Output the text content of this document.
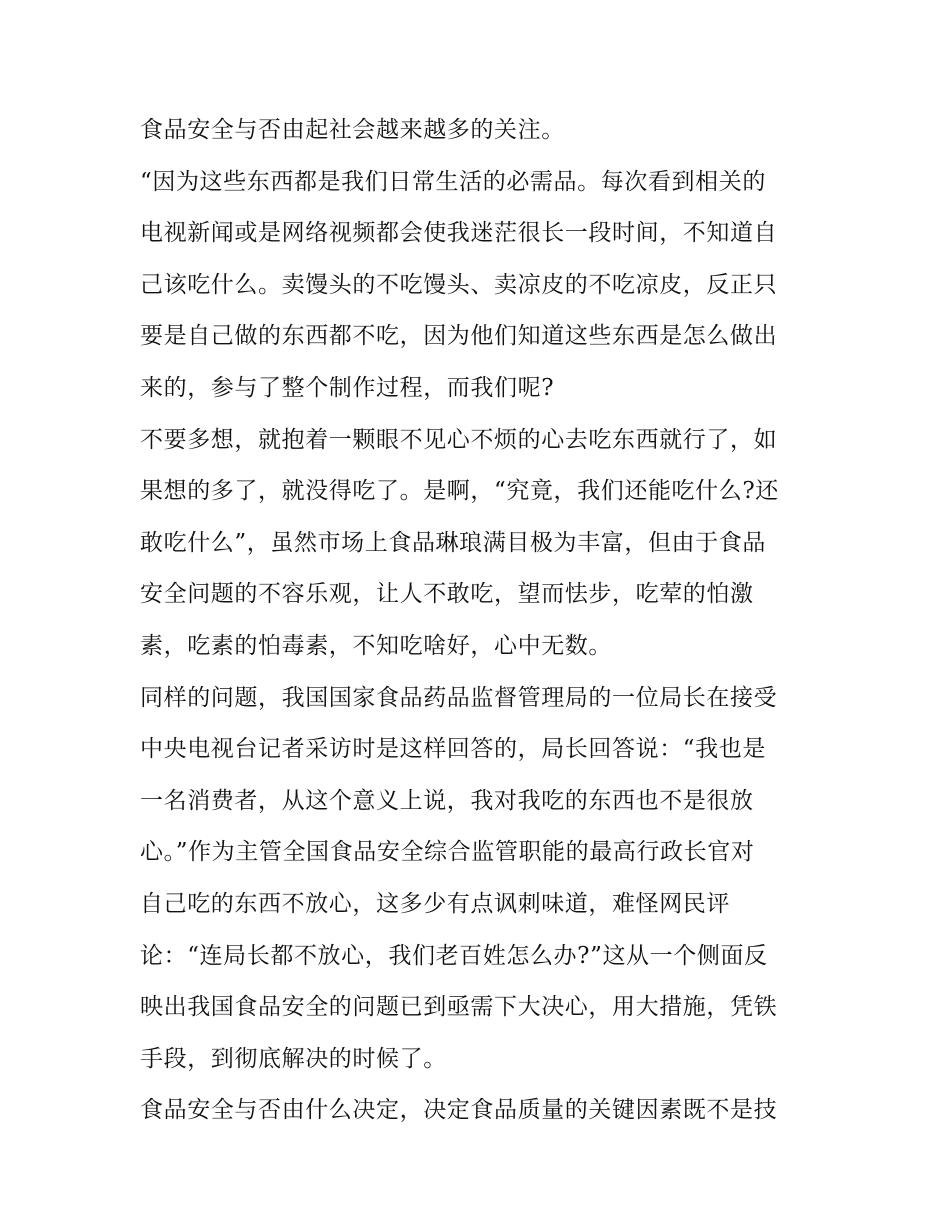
食品安全与否由起社会越来越多的关注。
“因为这些东西都是我们日常生活的必需品。每次看到相关的
电视新闻或是网络视频都会使我迷茫很长一段时间，不知道自
己该吃什么。卖馒头的不吃馒头、卖凉皮的不吃凉皮，反正只
要是自己做的东西都不吃，因为他们知道这些东西是怎么做出
来的，参与了整个制作过程，而我们呢?
不要多想，就抱着一颗眼不见心不烦的心去吃东西就行了，如
果想的多了，就没得吃了。是啊，“究竟，我们还能吃什么?还
敢吃什么”，虽然市场上食品琳琅满目极为丰富，但由于食品
安全问题的不容乐观，让人不敢吃，望而怯步，吃荤的怕激
素，吃素的怕毒素，不知吃啥好，心中无数。
同样的问题，我国国家食品药品监督管理局的一位局长在接受
中央电视台记者采访时是这样回答的，局长回答说：“我也是
一名消费者，从这个意义上说，我对我吃的东西也不是很放
心。”作为主管全国食品安全综合监管职能的最高行政长官对
自己吃的东西不放心，这多少有点讽刺味道，难怪网民评
论：“连局长都不放心，我们老百姓怎么办?”这从一个侧面反
映出我国食品安全的问题已到亟需下大决心，用大措施，凭铁
手段，到彻底解决的时候了。
食品安全与否由什么决定，决定食品质量的关键因素既不是技
